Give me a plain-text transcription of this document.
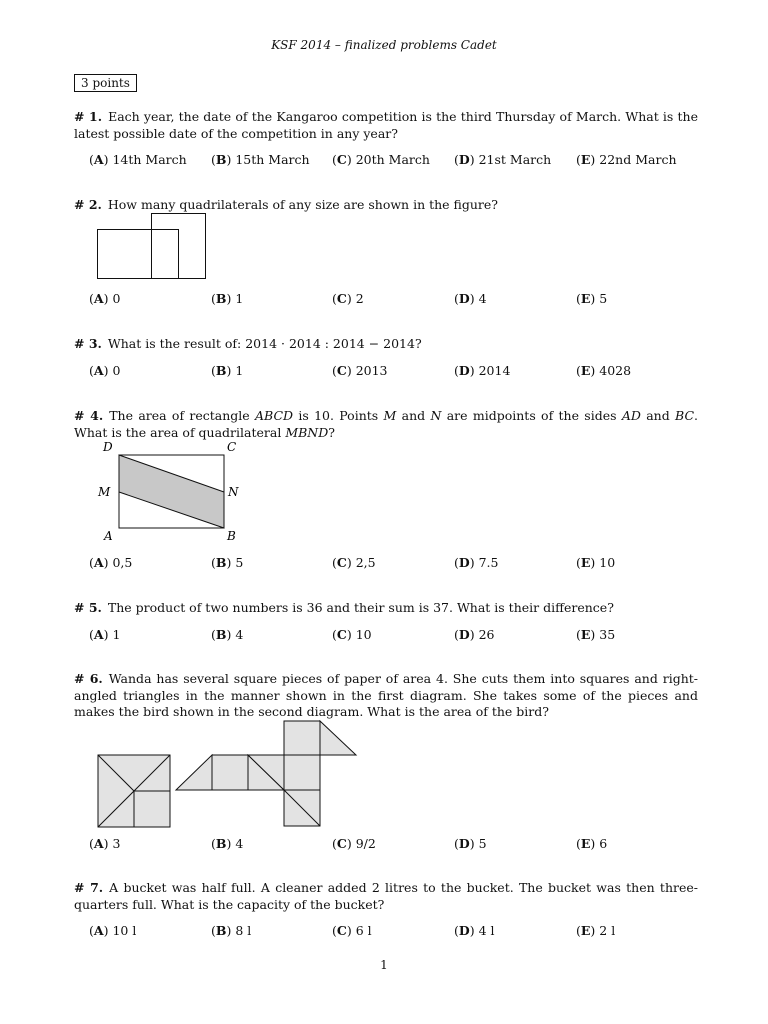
KSF 2014 – finalized problems Cadet
3 points
# 1. Each year, the date of the Kangaroo competition is the third Thursday of March. What is the latest possible date of the competition in any year?
(A) 14th March (B) 15th March (C) 20th March (D) 21st March (E) 22nd March
# 2. How many quadrilaterals of any size are shown in the figure?
(A) 0	(B) 1	(C) 2	(D) 4	(E) 5
# 3. What is the result of: 2014 · 2014 : 2014 − 2014?
(A) 0	(B) 1	(C) 2013	(D) 2014	(E) 4028
# 4. The area of rectangle ABCD is 10. Points M and N are midpoints of the sides AD and BC. What is the area of quadrilateral MBND?
D	C
M	N
A	B
(A) 0,5	(B) 5	(C) 2,5	(D) 7.5	(E) 10
# 5. The product of two numbers is 36 and their sum is 37. What is their difference?
(A) 1	(B) 4	(C) 10	(D) 26	(E) 35
# 6. Wanda has several square pieces of paper of area 4. She cuts them into squares and right-angled triangles in the manner shown in the first diagram. She takes some of the pieces and makes the bird shown in the second diagram. What is the area of the bird?
(A) 3	(B) 4	(C) 9/2	(D) 5	(E) 6
# 7. A bucket was half full. A cleaner added 2 litres to the bucket. The bucket was then three-quarters full. What is the capacity of the bucket?
(A) 10 l	(B) 8 l	(C) 6 l	(D) 4 l	(E) 2 l
1
